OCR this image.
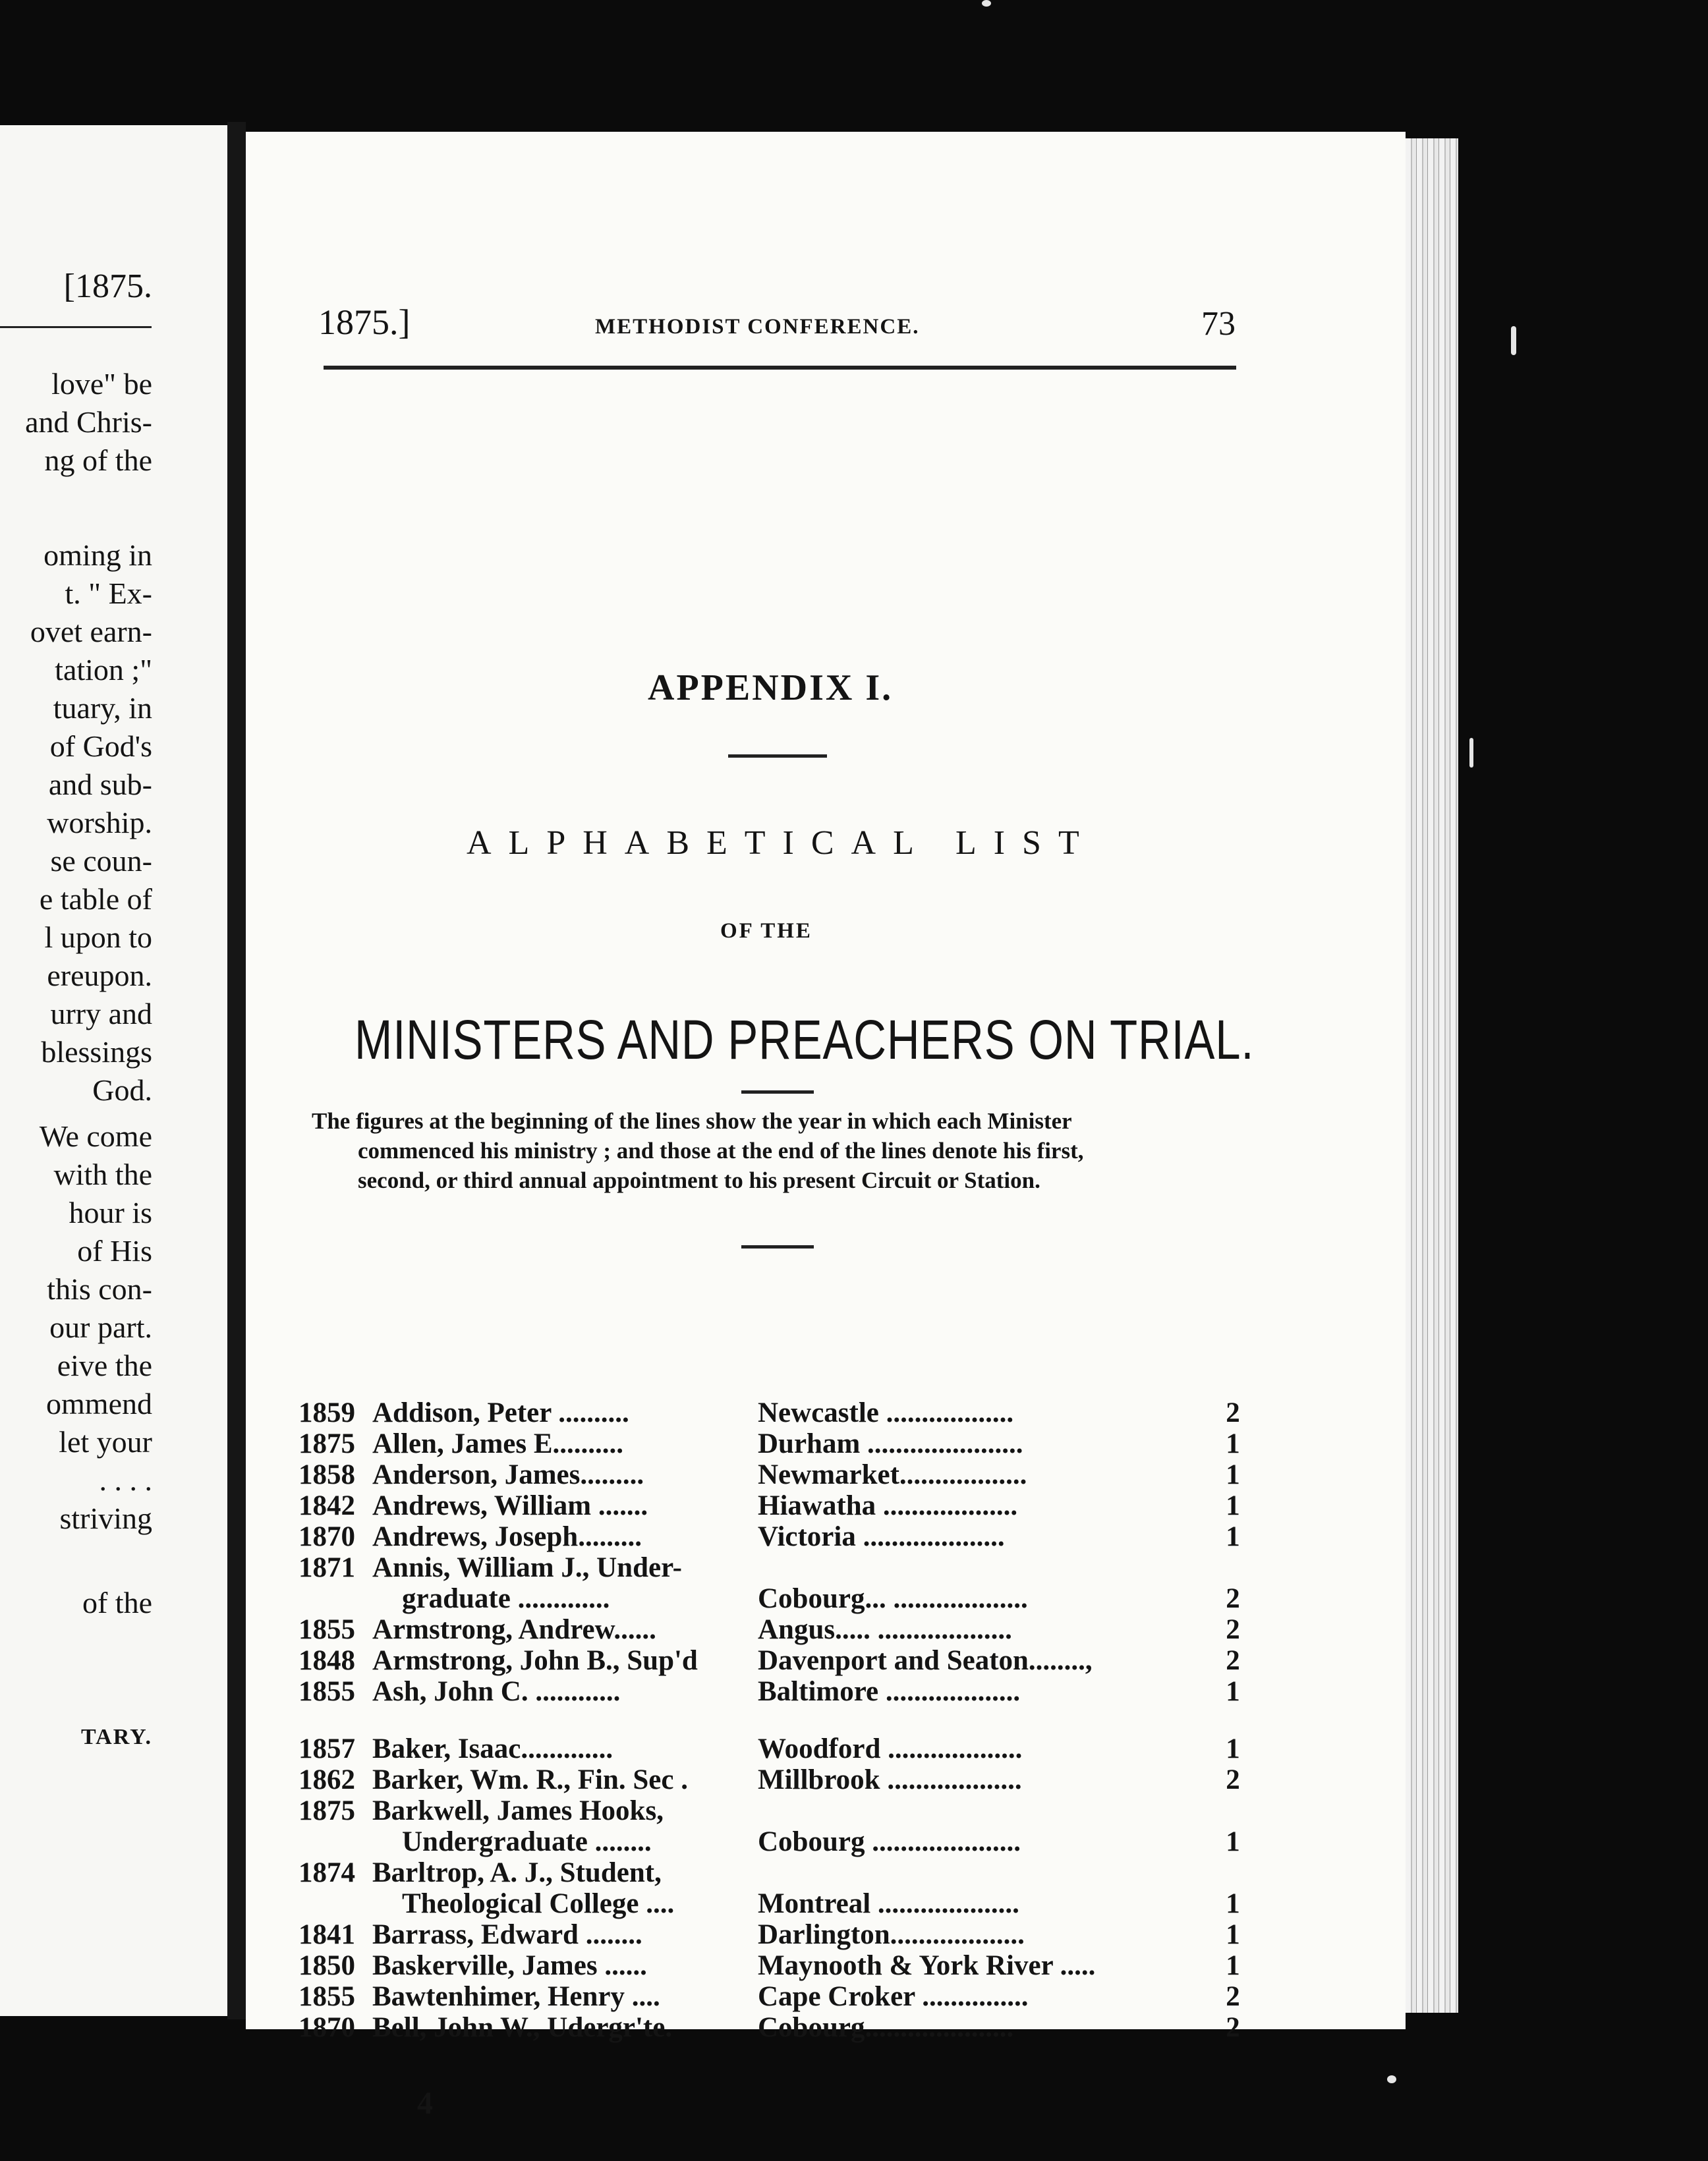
[1875.
love" be
and Chris-
ng of the
oming in
t. " Ex-
ovet earn-
tation ;"
tuary, in
of God's
and sub-
worship.
se coun-
e table of
l upon to
ereupon.
urry and
blessings
God.
We come
with the
hour is
of His
this con-
our part.
eive the
ommend
let your
. . . .
striving
of the
TARY.
1875.]	METHODIST CONFERENCE.	73
APPENDIX I.
ALPHABETICAL LIST
OF THE
MINISTERS AND PREACHERS ON TRIAL.
The figures at the beginning of the lines show the year in which each Minister
commenced his ministry ; and those at the end of the lines denote his first,
second, or third annual appointment to his present Circuit or Station.
1859 Addison, Peter ..........	Newcastle ..................	2
1875 Allen, James E..........	Durham ......................	1
1858 Anderson, James.........	Newmarket..................	1
1842 Andrews, William .......	Hiawatha ...................	1
1870 Andrews, Joseph.........	Victoria ....................	1
1871 Annis, William J., Under-
graduate .............	Cobourg... ...................	2
1855 Armstrong, Andrew......	Angus..... ...................	2
1848 Armstrong, John B., Sup'd	Davenport and Seaton........,	2
1855 Ash, John C. ............	Baltimore ...................	1
1857 Baker, Isaac.............	Woodford ...................	1
1862 Barker, Wm. R., Fin. Sec .	Millbrook ...................	2
1875 Barkwell, James Hooks,
Undergraduate ........	Cobourg .....................	1
1874 Barltrop, A. J., Student,
Theological College ....	Montreal ....................	1
1841 Barrass, Edward ........	Darlington...................	1
1850 Baskerville, James ......	Maynooth & York River .....	1
1855 Bawtenhimer, Henry ....	Cape Croker ...............	2
1870 Bell, John W., Udergr'te.	Cobourg.....................	2
4
